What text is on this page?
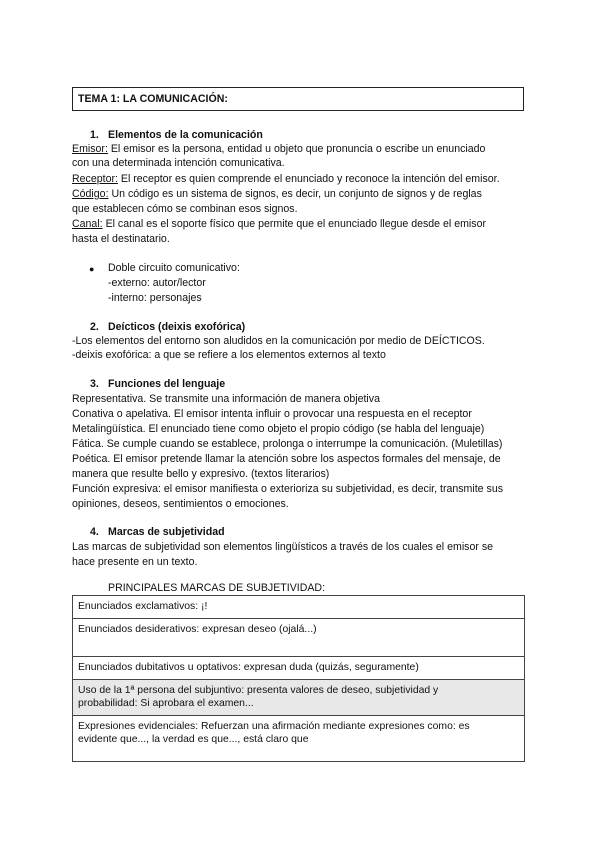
TEMA 1: LA COMUNICACIÓN:
1. Elementos de la comunicación
Emisor: El emisor es la persona, entidad u objeto que pronuncia o escribe un enunciado
con una determinada intención comunicativa.
Receptor: El receptor es quien comprende el enunciado y reconoce la intención del emisor.
Código: Un código es un sistema de signos, es decir, un conjunto de signos y de reglas
que establecen cómo se combinan esos signos.
Canal: El canal es el soporte físico que permite que el enunciado llegue desde el emisor
hasta el destinatario.
● Doble circuito comunicativo:
-externo: autor/lector
-interno: personajes
2. Deícticos (deixis exofórica)
-Los elementos del entorno son aludidos en la comunicación por medio de DEÍCTICOS.
-deixis exofórica: a que se refiere a los elementos externos al texto
3. Funciones del lenguaje
Representativa. Se transmite una información de manera objetiva
Conativa o apelativa. El emisor intenta influir o provocar una respuesta en el receptor
Metalingüística. El enunciado tiene como objeto el propio código (se habla del lenguaje)
Fática. Se cumple cuando se establece, prolonga o interrumpe la comunicación. (Muletillas)
Poética. El emisor pretende llamar la atención sobre los aspectos formales del mensaje, de
manera que resulte bello y expresivo. (textos literarios)
Función expresiva: el emisor manifiesta o exterioriza su subjetividad, es decir, transmite sus
opiniones, deseos, sentimientos o emociones.
4. Marcas de subjetividad
Las marcas de subjetividad son elementos lingüísticos a través de los cuales el emisor se
hace presente en un texto.
PRINCIPALES MARCAS DE SUBJETIVIDAD:
Enunciados exclamativos: ¡!

Enunciados desiderativos: expresan deseo (ojalá...)

Enunciados dubitativos u optativos: expresan duda (quizás, seguramente)

Uso de la 1ª persona del subjuntivo: presenta valores de deseo, subjetividad y
probabilidad: Si aprobara el examen...

Expresiones evidenciales: Refuerzan una afirmación mediante expresiones como: es
evidente que..., la verdad es que..., está claro que
